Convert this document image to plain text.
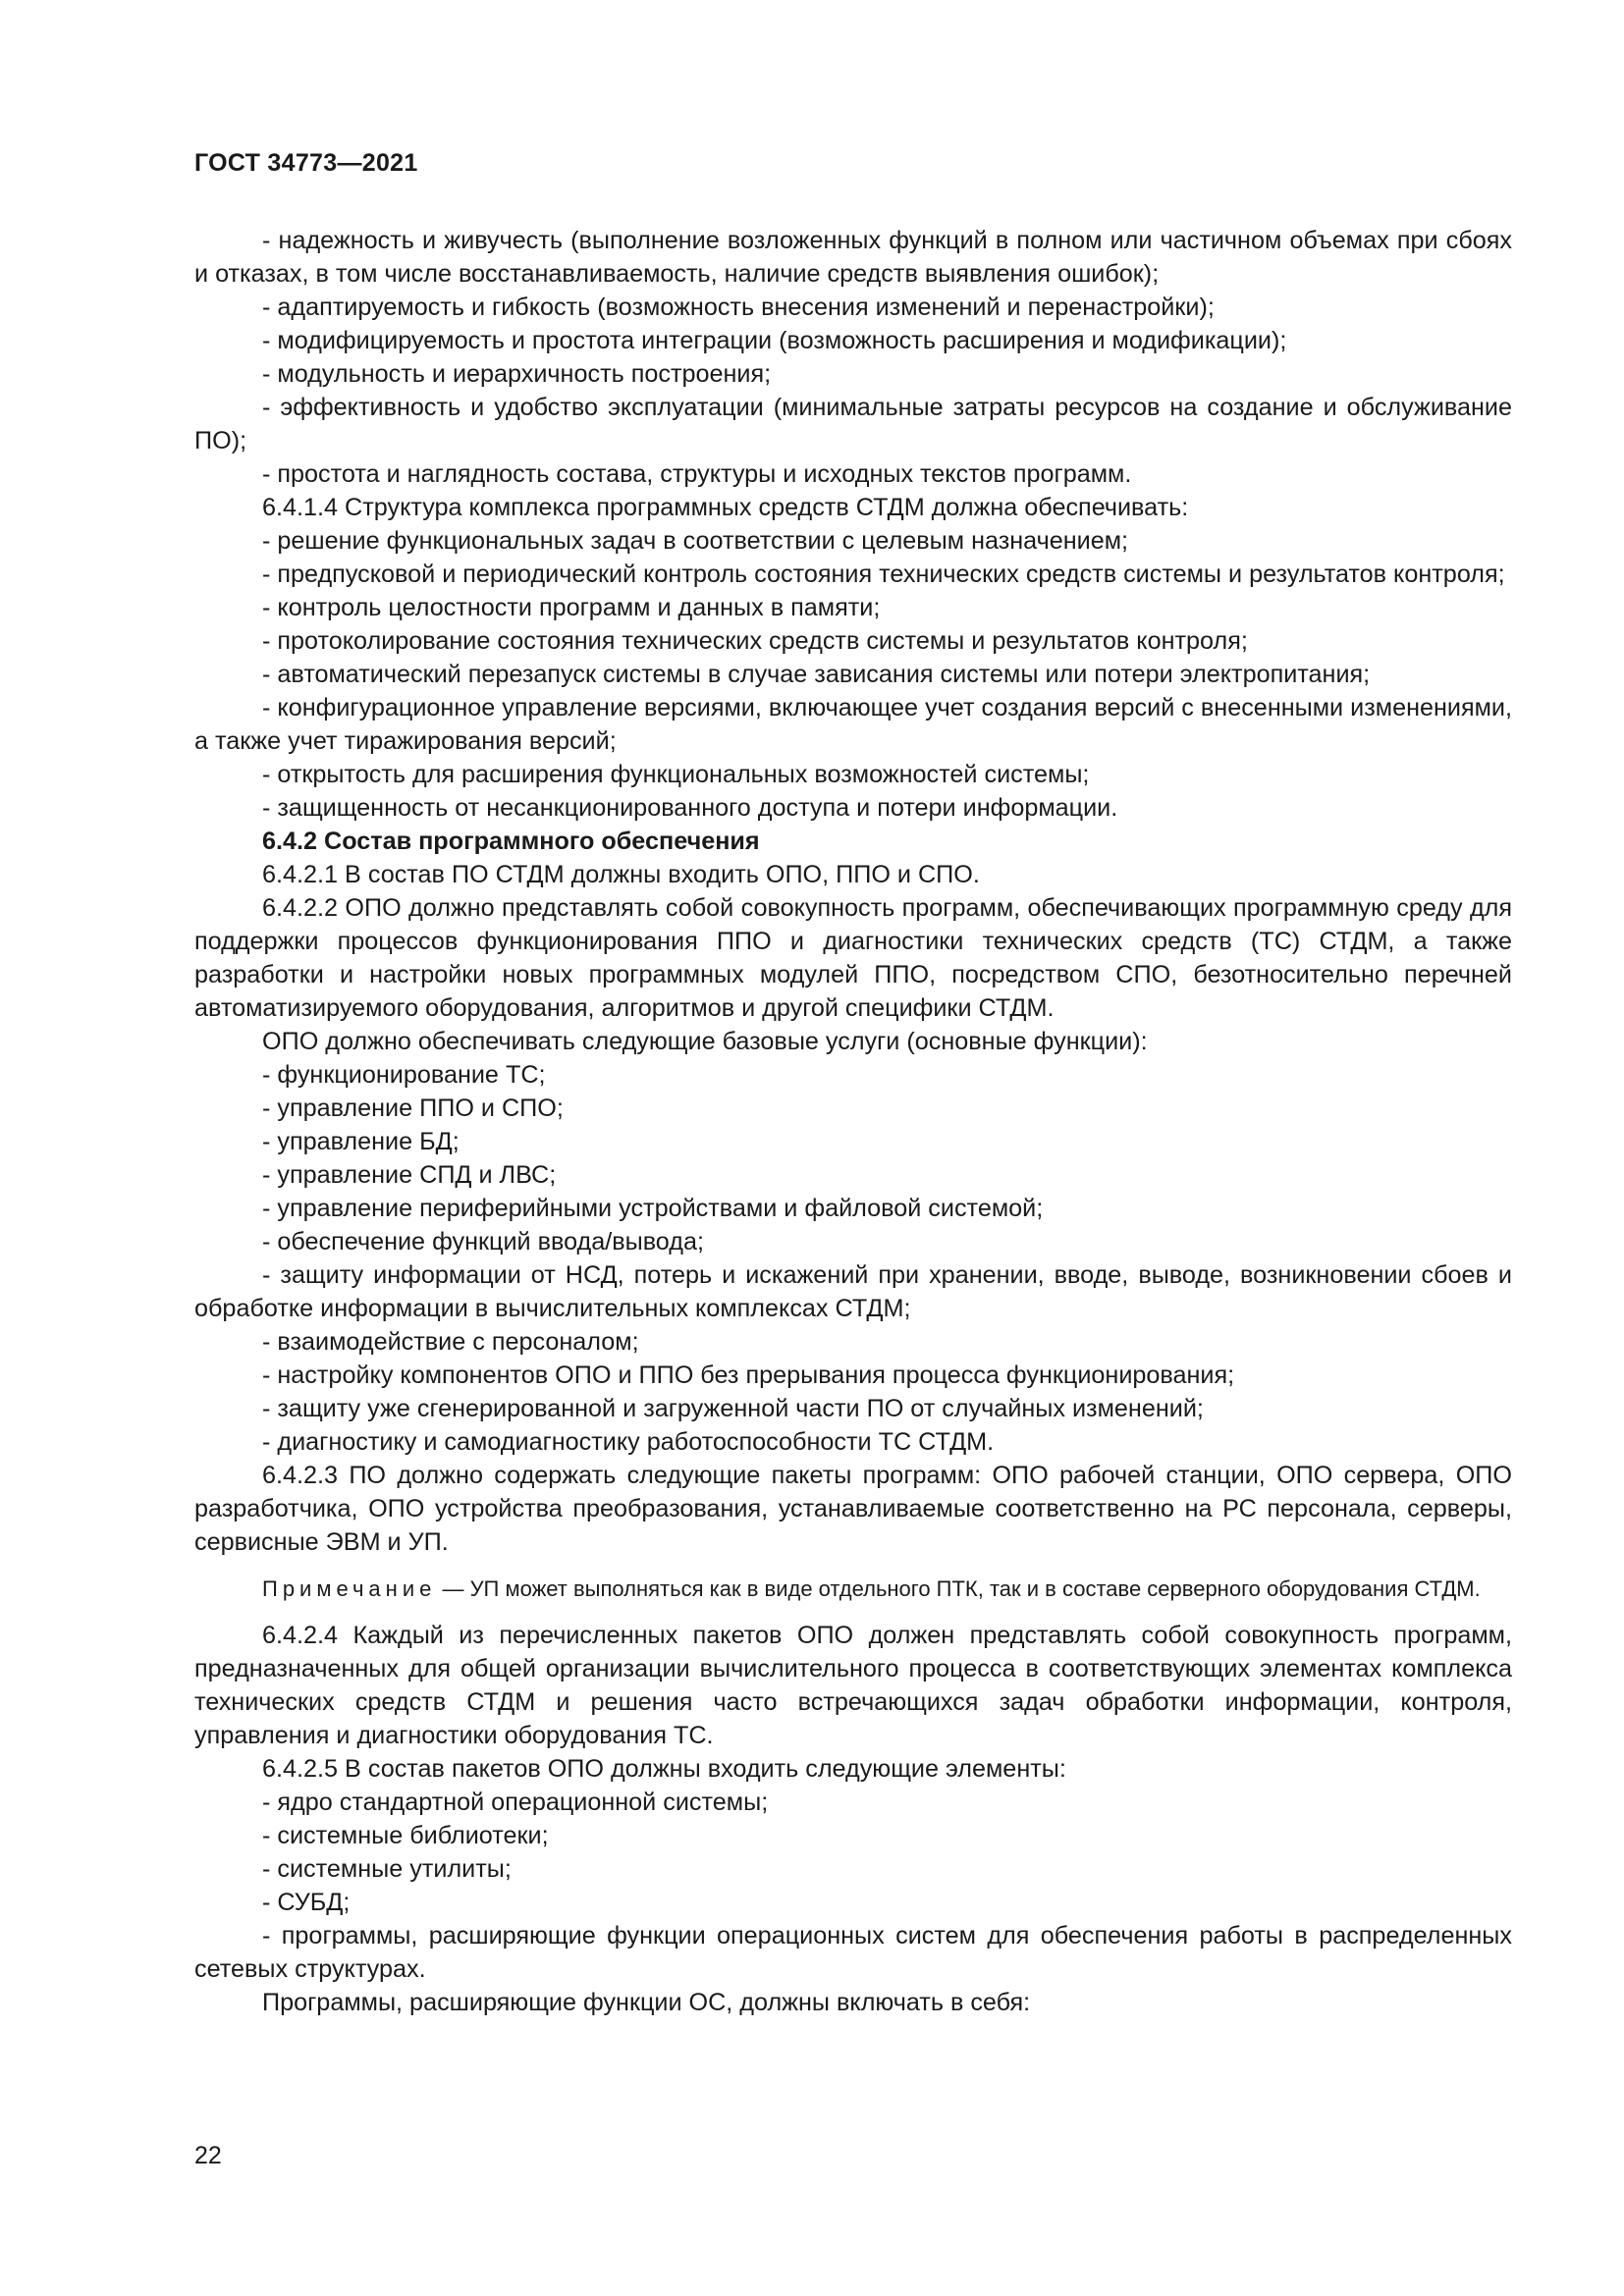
ГОСТ 34773—2021

- надежность и живучесть (выполнение возложенных функций в полном или частичном объемах при сбоях и отказах, в том числе восстанавливаемость, наличие средств выявления ошибок);

- адаптируемость и гибкость (возможность внесения изменений и перенастройки);

- модифицируемость и простота интеграции (возможность расширения и модификации);

- модульность и иерархичность построения;

- эффективность и удобство эксплуатации (минимальные затраты ресурсов на создание и обслуживание ПО);

- простота и наглядность состава, структуры и исходных текстов программ.

6.4.1.4 Структура комплекса программных средств СТДМ должна обеспечивать:

- решение функциональных задач в соответствии с целевым назначением;

- предпусковой и периодический контроль состояния технических средств системы и результатов контроля;

- контроль целостности программ и данных в памяти;

- протоколирование состояния технических средств системы и результатов контроля;

- автоматический перезапуск системы в случае зависания системы или потери электропитания;

- конфигурационное управление версиями, включающее учет создания версий с внесенными изменениями, а также учет тиражирования версий;

- открытость для расширения функциональных возможностей системы;

- защищенность от несанкционированного доступа и потери информации.

6.4.2 Состав программного обеспечения

6.4.2.1 В состав ПО СТДМ должны входить ОПО, ППО и СПО.

6.4.2.2 ОПО должно представлять собой совокупность программ, обеспечивающих программную среду для поддержки процессов функционирования ППО и диагностики технических средств (ТС) СТДМ, а также разработки и настройки новых программных модулей ППО, посредством СПО, безотносительно перечней автоматизируемого оборудования, алгоритмов и другой специфики СТДМ.

ОПО должно обеспечивать следующие базовые услуги (основные функции):

- функционирование ТС;

- управление ППО и СПО;

- управление БД;

- управление СПД и ЛВС;

- управление периферийными устройствами и файловой системой;

- обеспечение функций ввода/вывода;

- защиту информации от НСД, потерь и искажений при хранении, вводе, выводе, возникновении сбоев и обработке информации в вычислительных комплексах СТДМ;

- взаимодействие с персоналом;

- настройку компонентов ОПО и ППО без прерывания процесса функционирования;

- защиту уже сгенерированной и загруженной части ПО от случайных изменений;

- диагностику и самодиагностику работоспособности ТС СТДМ.

6.4.2.3 ПО должно содержать следующие пакеты программ: ОПО рабочей станции, ОПО сервера, ОПО разработчика, ОПО устройства преобразования, устанавливаемые соответственно на РС персонала, серверы, сервисные ЭВМ и УП.

Примечание — УП может выполняться как в виде отдельного ПТК, так и в составе серверного оборудования СТДМ.

6.4.2.4 Каждый из перечисленных пакетов ОПО должен представлять собой совокупность программ, предназначенных для общей организации вычислительного процесса в соответствующих элементах комплекса технических средств СТДМ и решения часто встречающихся задач обработки информации, контроля, управления и диагностики оборудования ТС.

6.4.2.5 В состав пакетов ОПО должны входить следующие элементы:

- ядро стандартной операционной системы;

- системные библиотеки;

- системные утилиты;

- СУБД;

- программы, расширяющие функции операционных систем для обеспечения работы в распределенных сетевых структурах.

Программы, расширяющие функции ОС, должны включать в себя:

22
